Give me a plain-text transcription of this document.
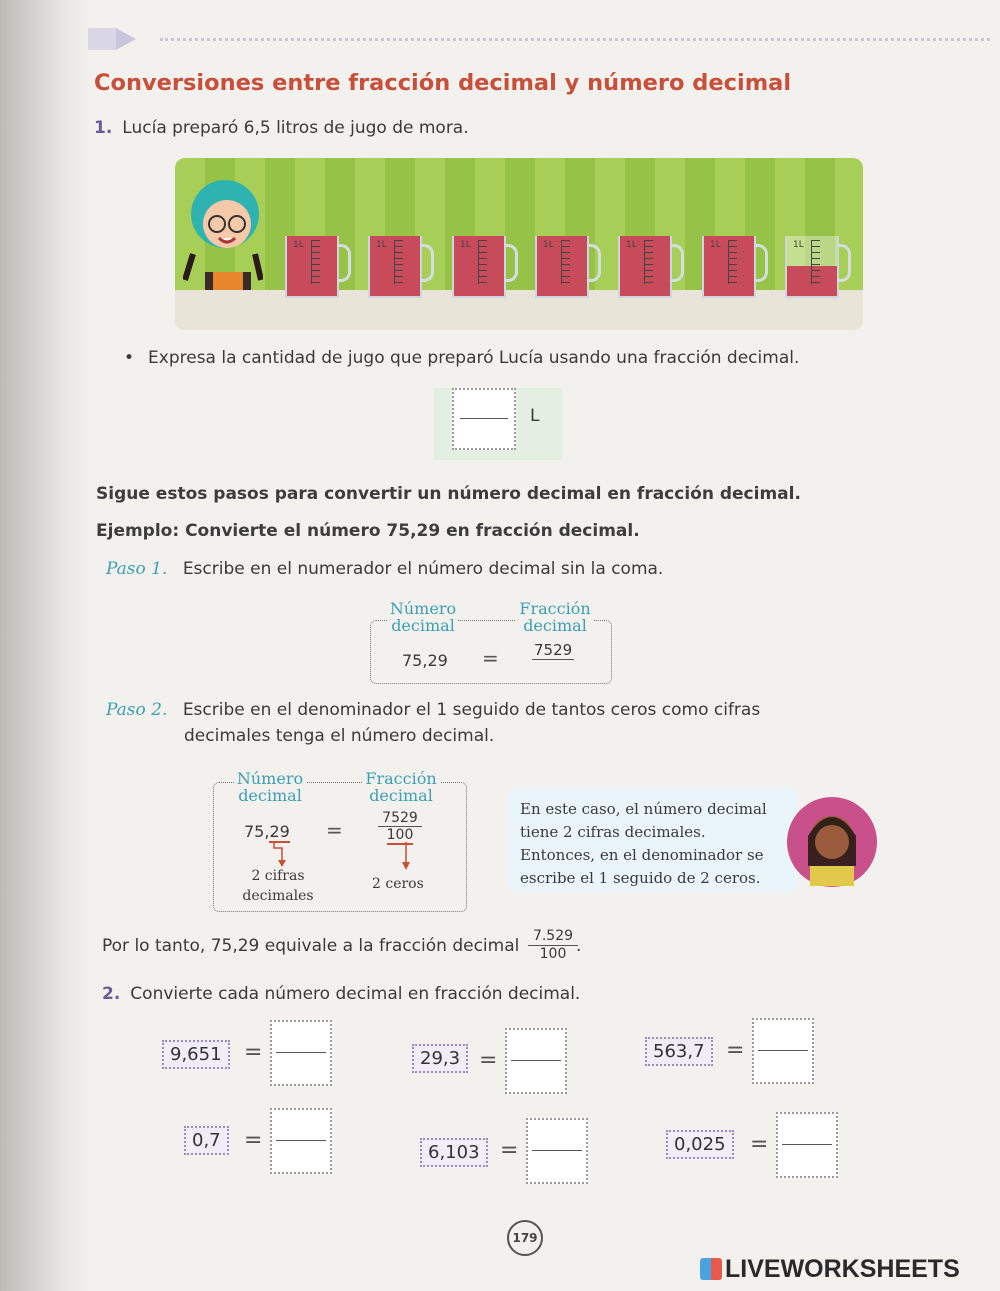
Conversiones entre fracción decimal y número decimal
1. Lucía preparó 6,5 litros de jugo de mora.
1L	1L	1L	1L	1L	1L	1L
• Expresa la cantidad de jugo que preparó Lucía usando una fracción decimal.
L
Sigue estos pasos para convertir un número decimal en fracción decimal.
Ejemplo: Convierte el número 75,29 en fracción decimal.
Paso 1. Escribe en el numerador el número decimal sin la coma.
Número
decimal
Fracción
decimal
75,29 = 7529
Paso 2. Escribe en el denominador el 1 seguido de tantos ceros como cifras
decimales tenga el número decimal.
Número
decimal
Fracción
decimal
75,29 =	7529
100
2 cifras
decimales
2 ceros
En este caso, el número decimal
tiene 2 cifras decimales.
Entonces, en el denominador se
escribe el 1 seguido de 2 ceros.
Por lo tanto, 75,29 equivale a la fracción decimal 7.529
100 .
2. Convierte cada número decimal en fracción decimal.
9,651	=	29,3 =	563,7 =
0,7	=	6,103 =	0,025	=
179
LIVEWORKSHEETS
